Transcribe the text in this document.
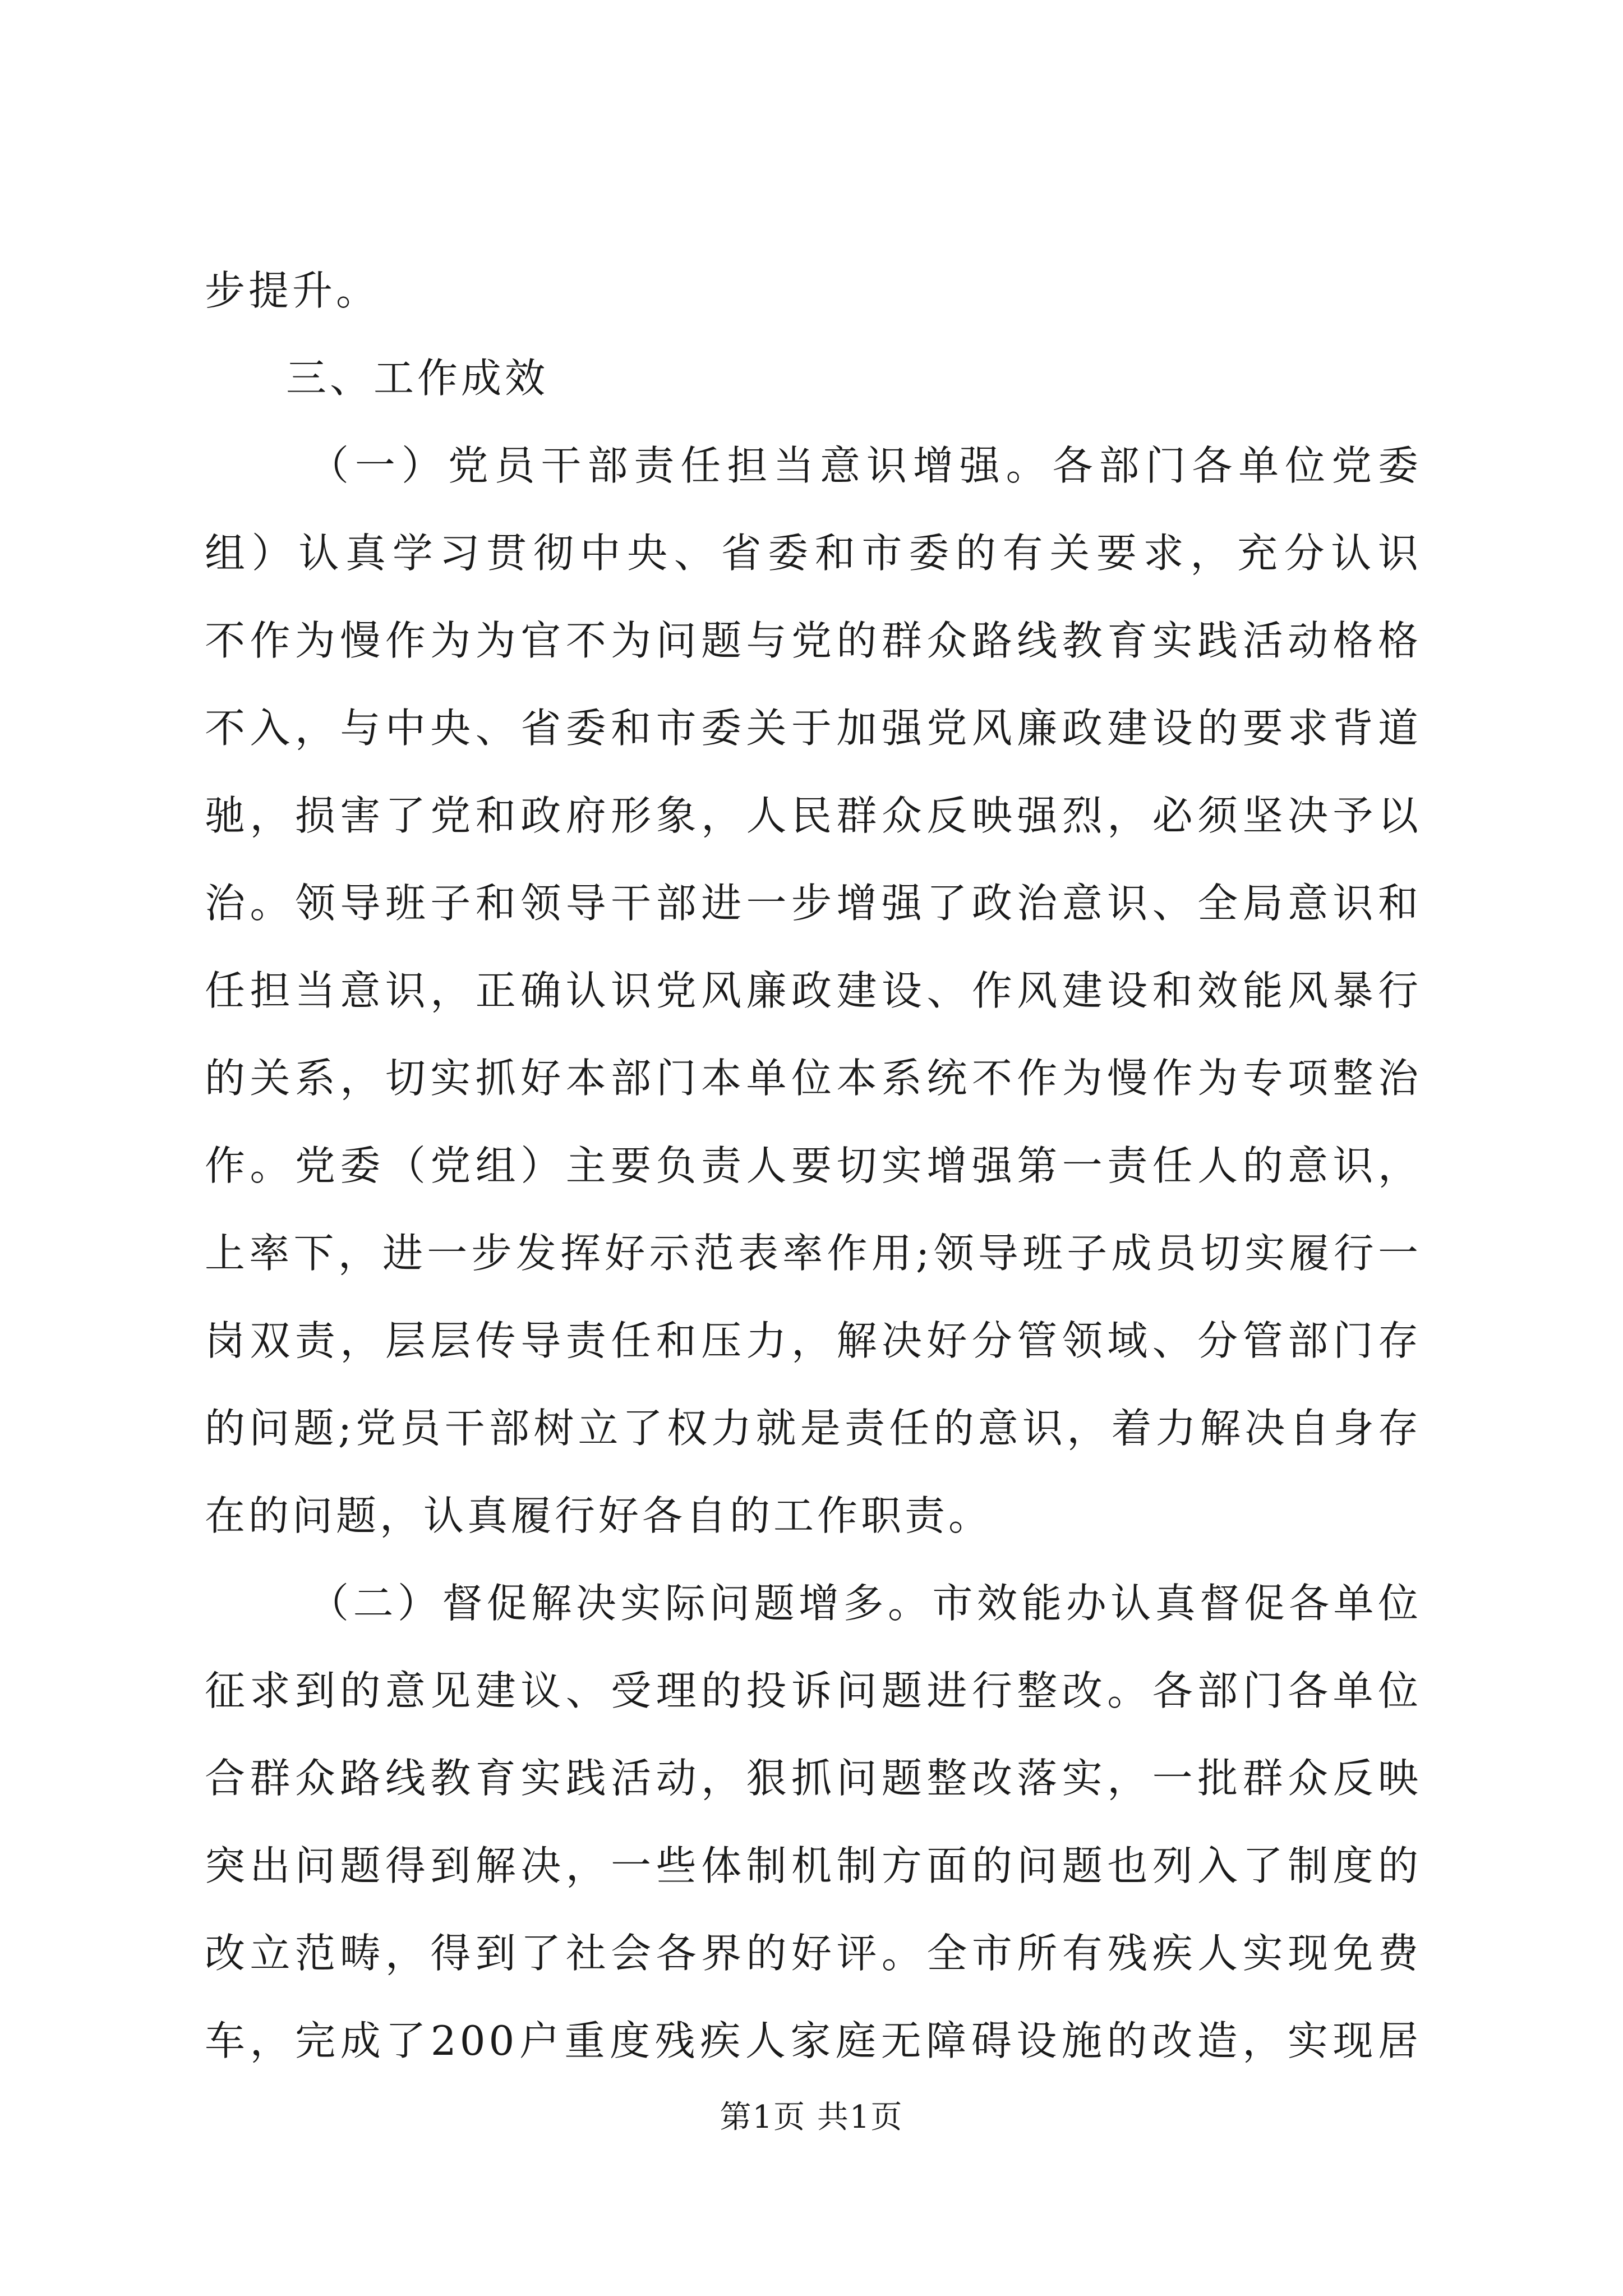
步提升。
三、工作成效
（一）党员干部责任担当意识增强。各部门各单位党委
组）认真学习贯彻中央、省委和市委的有关要求，充分认识
不作为慢作为为官不为问题与党的群众路线教育实践活动格格
不入，与中央、省委和市委关于加强党风廉政建设的要求背道
驰，损害了党和政府形象，人民群众反映强烈，必须坚决予以
治。领导班子和领导干部进一步增强了政治意识、全局意识和
任担当意识，正确认识党风廉政建设、作风建设和效能风暴行
的关系，切实抓好本部门本单位本系统不作为慢作为专项整治
作。党委（党组）主要负责人要切实增强第一责任人的意识，
上率下，进一步发挥好示范表率作用;领导班子成员切实履行一
岗双责，层层传导责任和压力，解决好分管领域、分管部门存
的问题;党员干部树立了权力就是责任的意识，着力解决自身存
在的问题，认真履行好各自的工作职责。
（二）督促解决实际问题增多。市效能办认真督促各单位
征求到的意见建议、受理的投诉问题进行整改。各部门各单位
合群众路线教育实践活动，狠抓问题整改落实，一批群众反映
突出问题得到解决，一些体制机制方面的问题也列入了制度的
改立范畴，得到了社会各界的好评。全市所有残疾人实现免费
车，完成了200户重度残疾人家庭无障碍设施的改造，实现居
第1页 共1页
